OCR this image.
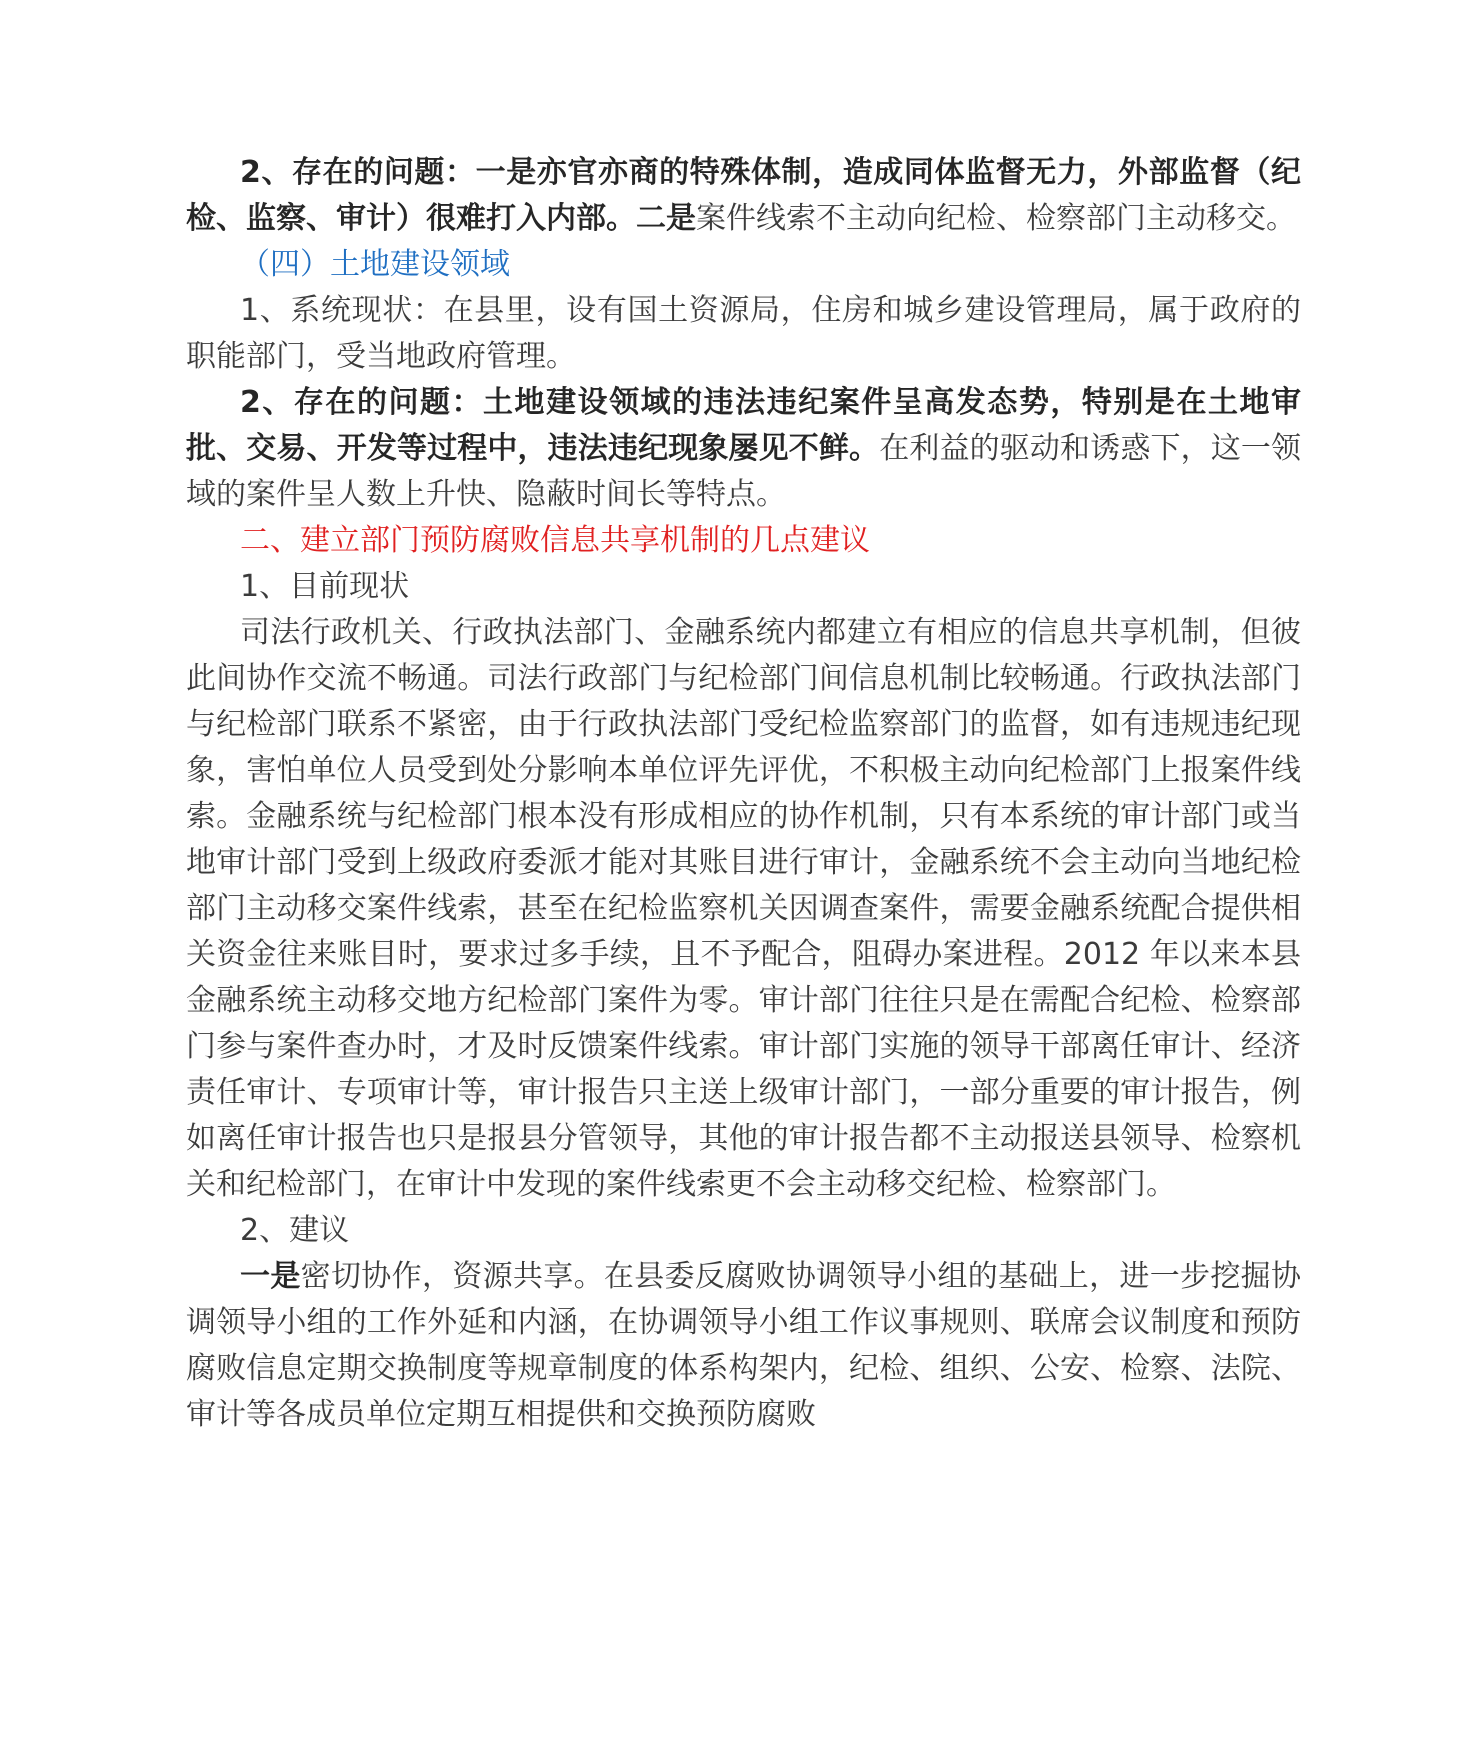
2、存在的问题：一是亦官亦商的特殊体制，造成同体监督无力，外部监督（纪检、监察、审计）很难打入内部。二是案件线索不主动向纪检、检察部门主动移交。

（四）土地建设领域

1、系统现状：在县里，设有国土资源局，住房和城乡建设管理局，属于政府的职能部门，受当地政府管理。

2、存在的问题：土地建设领域的违法违纪案件呈高发态势，特别是在土地审批、交易、开发等过程中，违法违纪现象屡见不鲜。在利益的驱动和诱惑下，这一领域的案件呈人数上升快、隐蔽时间长等特点。

二、建立部门预防腐败信息共享机制的几点建议

1、目前现状

司法行政机关、行政执法部门、金融系统内都建立有相应的信息共享机制，但彼此间协作交流不畅通。司法行政部门与纪检部门间信息机制比较畅通。行政执法部门与纪检部门联系不紧密，由于行政执法部门受纪检监察部门的监督，如有违规违纪现象，害怕单位人员受到处分影响本单位评先评优，不积极主动向纪检部门上报案件线索。金融系统与纪检部门根本没有形成相应的协作机制，只有本系统的审计部门或当地审计部门受到上级政府委派才能对其账目进行审计，金融系统不会主动向当地纪检部门主动移交案件线索，甚至在纪检监察机关因调查案件，需要金融系统配合提供相关资金往来账目时，要求过多手续，且不予配合，阻碍办案进程。2012 年以来本县金融系统主动移交地方纪检部门案件为零。审计部门往往只是在需配合纪检、检察部门参与案件查办时，才及时反馈案件线索。审计部门实施的领导干部离任审计、经济责任审计、专项审计等，审计报告只主送上级审计部门，一部分重要的审计报告，例如离任审计报告也只是报县分管领导，其他的审计报告都不主动报送县领导、检察机关和纪检部门，在审计中发现的案件线索更不会主动移交纪检、检察部门。

2、建议

一是密切协作，资源共享。在县委反腐败协调领导小组的基础上，进一步挖掘协调领导小组的工作外延和内涵，在协调领导小组工作议事规则、联席会议制度和预防腐败信息定期交换制度等规章制度的体系构架内，纪检、组织、公安、检察、法院、审计等各成员单位定期互相提供和交换预防腐败
